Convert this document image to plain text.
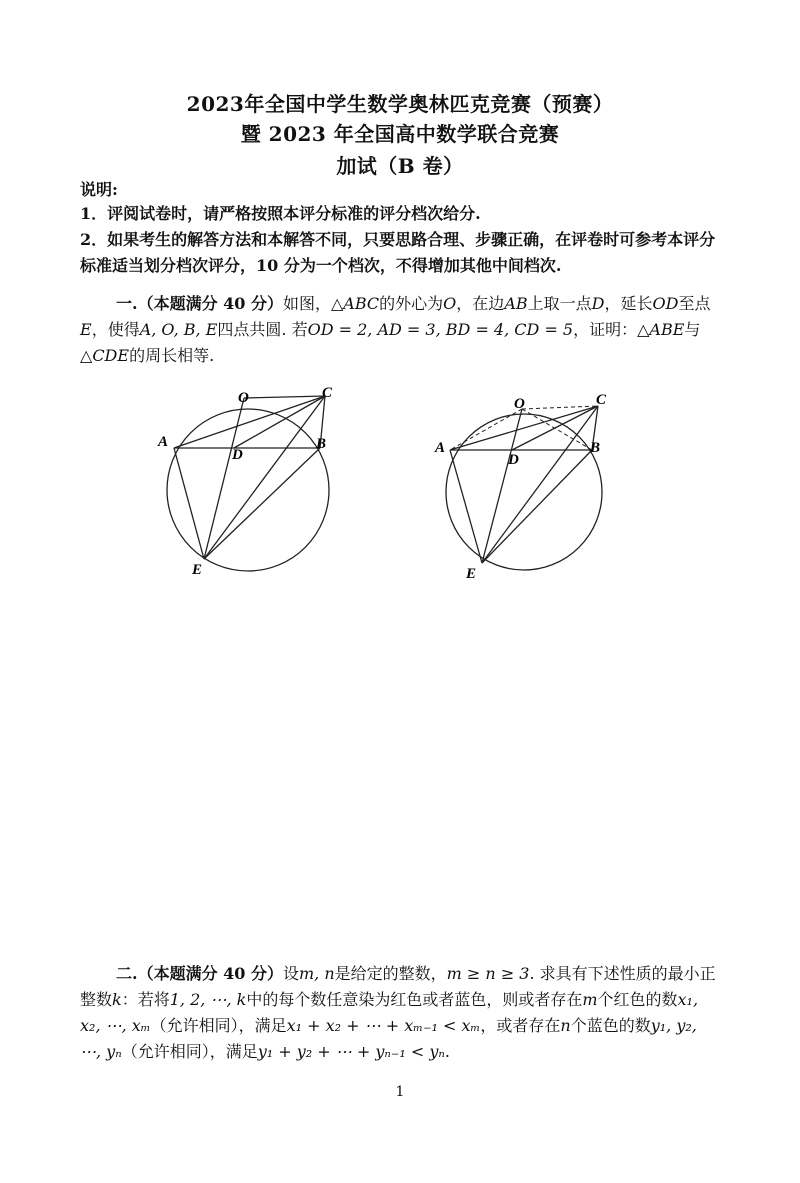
2023年全国中学生数学奥林匹克竞赛（预赛）
暨 2023 年全国高中数学联合竞赛
加试（B 卷）
说明:
1．评阅试卷时，请严格按照本评分标准的评分档次给分.
2．如果考生的解答方法和本解答不同，只要思路合理、步骤正确，在评卷时可参考本评分标准适当划分档次评分，10 分为一个档次，不得增加其他中间档次.
一.（本题满分 40 分）如图，△ABC的外心为O，在边AB上取一点D，延长OD至点E，使得A, O, B, E四点共圆. 若OD = 2, AD = 3, BD = 4, CD = 5，证明：△ABE与△CDE的周长相等.
O	C
A	B
D
E
O	C
A	B
D
E
二.（本题满分 40 分）设m, n是给定的整数，m ≥ n ≥ 3. 求具有下述性质的最小正整数k：若将1, 2, ⋯, k中的每个数任意染为红色或者蓝色，则或者存在m个红色的数x₁, x₂, ⋯, xₘ（允许相同），满足x₁ + x₂ + ⋯ + xₘ₋₁ < xₘ，或者存在n个蓝色的数y₁, y₂, ⋯, yₙ（允许相同），满足y₁ + y₂ + ⋯ + yₙ₋₁ < yₙ.
1
